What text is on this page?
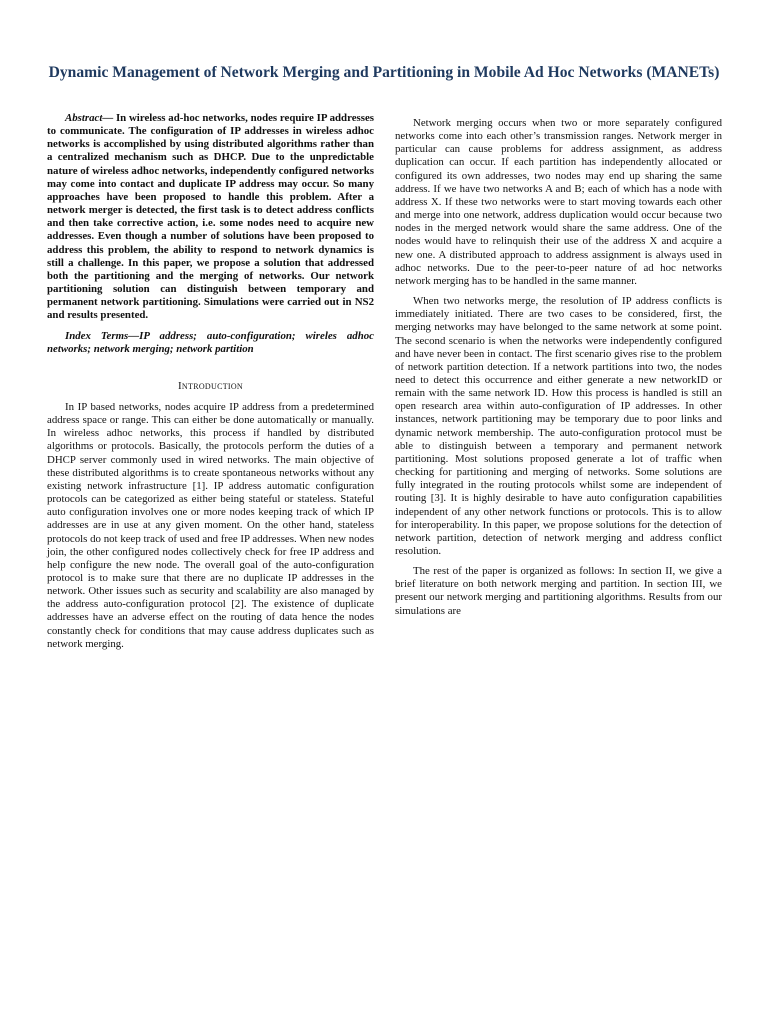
Dynamic Management of Network Merging and Partitioning in Mobile Ad Hoc Networks (MANETs)

Abstract— In wireless ad-hoc networks, nodes require IP addresses to communicate. The configuration of IP addresses in wireless adhoc networks is accomplished by using distributed algorithms rather than a centralized mechanism such as DHCP. Due to the unpredictable nature of wireless adhoc networks, independently configured networks may come into contact and duplicate IP address may occur. So many approaches have been proposed to handle this problem. After a network merger is detected, the first task is to detect address conflicts and then take corrective action, i.e. some nodes need to acquire new addresses. Even though a number of solutions have been proposed to address this problem, the ability to respond to network dynamics is still a challenge. In this paper, we propose a solution that addressed both the partitioning and the merging of networks. Our network partitioning solution can distinguish between temporary and permanent network partitioning. Simulations were carried out in NS2 and results presented.

Index Terms—IP address; auto-configuration; wireles adhoc networks; network merging; network partition

Introduction

In IP based networks, nodes acquire IP address from a predetermined address space or range. This can either be done automatically or manually. In wireless adhoc networks, this process if handled by distributed algorithms or protocols. Basically, the protocols perform the duties of a DHCP server commonly used in wired networks. The main objective of these distributed algorithms is to create spontaneous networks without any existing network infrastructure [1]. IP address automatic configuration protocols can be categorized as either being stateful or stateless. Stateful auto configuration involves one or more nodes keeping track of which IP addresses are in use at any given moment. On the other hand, stateless protocols do not keep track of used and free IP addresses. When new nodes join, the other configured nodes collectively check for free IP address and help configure the new node. The overall goal of the auto-configuration protocol is to make sure that there are no duplicate IP addresses in the network. Other issues such as security and scalability are also managed by the address auto-configuration protocol [2]. The existence of duplicate addresses have an adverse effect on the routing of data hence the nodes constantly check for conditions that may cause address duplicates such as network merging.

Network merging occurs when two or more separately configured networks come into each other’s transmission ranges. Network merger in particular can cause problems for address assignment, as address duplication can occur. If each partition has independently allocated or configured its own addresses, two nodes may end up sharing the same address. If we have two networks A and B; each of which has a node with address X. If these two networks were to start moving towards each other and merge into one network, address duplication would occur because two nodes in the merged network would share the same address. One of the nodes would have to relinquish their use of the address X and acquire a new one. A distributed approach to address assignment is always used in adhoc networks. Due to the peer-to-peer nature of ad hoc networks network merging has to be handled in the same manner.

When two networks merge, the resolution of IP address conflicts is immediately initiated. There are two cases to be considered, first, the merging networks may have belonged to the same network at some point. The second scenario is when the networks were independently configured and have never been in contact. The first scenario gives rise to the problem of network partition detection. If a network partitions into two, the nodes need to detect this occurrence and either generate a new networkID or remain with the same network ID. How this process is handled is still an open research area within auto-configuration of IP addresses. In other instances, network partitioning may be temporary due to poor links and dynamic network membership. The auto-configuration protocol must be able to distinguish between a temporary and permanent network partitioning. Most solutions proposed generate a lot of traffic when checking for partitioning and merging of networks. Some solutions are fully integrated in the routing protocols whilst some are independent of routing [3]. It is highly desirable to have auto configuration capabilities independent of any other network functions or protocols. This is to allow for interoperability. In this paper, we propose solutions for the detection of network partition, detection of network merging and address conflict resolution.

The rest of the paper is organized as follows: In section II, we give a brief literature on both network merging and partition. In section III, we present our network merging and partitioning algorithms. Results from our simulations are
